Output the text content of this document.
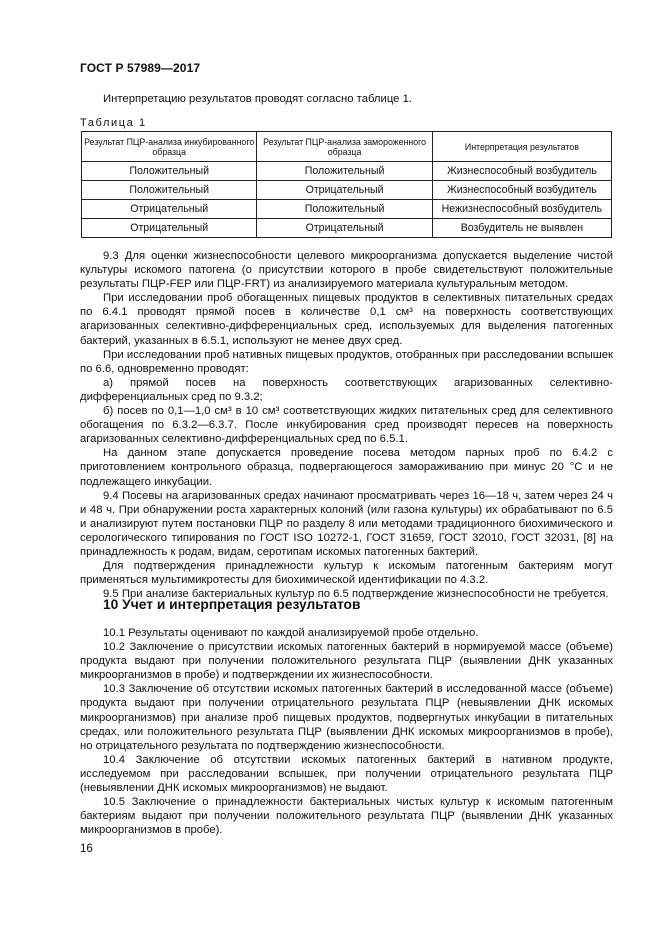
ГОСТ Р 57989—2017
Интерпретацию результатов проводят согласно таблице 1.
Таблица 1
Результат ПЦР-анализа инкубированного образца	Результат ПЦР-анализа замороженного образца	Интерпретация результатов
Положительный	Положительный	Жизнеспособный возбудитель
Положительный	Отрицательный	Жизнеспособный возбудитель
Отрицательный	Положительный	Нежизнеспособный возбудитель
Отрицательный	Отрицательный	Возбудитель не выявлен

9.3 Для оценки жизнеспособности целевого микроорганизма допускается выделение чистой культуры искомого патогена (о присутствии которого в пробе свидетельствуют положительные результаты ПЦР-FEP или ПЦР-FRT) из анализируемого материала культуральным методом.

При исследовании проб обогащенных пищевых продуктов в селективных питательных средах по 6.4.1 проводят прямой посев в количестве 0,1 см³ на поверхность соответствующих агаризованных селективно-дифференциальных сред, используемых для выделения патогенных бактерий, указанных в 6.5.1, используют не менее двух сред.

При исследовании проб нативных пищевых продуктов, отобранных при расследовании вспышек по 6.6, одновременно проводят:

а) прямой посев на поверхность соответствующих агаризованных селективно-дифференциальных сред по 9.3.2;

б) посев по 0,1—1,0 см³ в 10 см³ соответствующих жидких питательных сред для селективного обогащения по 6.3.2—6.3.7. После инкубирования сред производят пересев на поверхность агаризованных селективно-дифференциальных сред по 6.5.1.

На данном этапе допускается проведение посева методом парных проб по 6.4.2 с приготовлением контрольного образца, подвергающегося замораживанию при минус 20 °C и не подлежащего инкубации.

9.4 Посевы на агаризованных средах начинают просматривать через 16—18 ч, затем через 24 ч и 48 ч. При обнаружении роста характерных колоний (или газона культуры) их обрабатывают по 6.5 и анализируют путем постановки ПЦР по разделу 8 или методами традиционного биохимического и серологического типирования по ГОСТ ISO 10272-1, ГОСТ 31659, ГОСТ 32010, ГОСТ 32031, [8] на принадлежность к родам, видам, серотипам искомых патогенных бактерий.

Для подтверждения принадлежности культур к искомым патогенным бактериям могут применяться мультимикротесты для биохимической идентификации по 4.3.2.

9.5 При анализе бактериальных культур по 6.5 подтверждение жизнеспособности не требуется.

10 Учет и интерпретация результатов

10.1 Результаты оценивают по каждой анализируемой пробе отдельно.

10.2 Заключение о присутствии искомых патогенных бактерий в нормируемой массе (объеме) продукта выдают при получении положительного результата ПЦР (выявлении ДНК указанных микроорганизмов в пробе) и подтверждении их жизнеспособности.

10.3 Заключение об отсутствии искомых патогенных бактерий в исследованной массе (объеме) продукта выдают при получении отрицательного результата ПЦР (невыявлении ДНК искомых микроорганизмов) при анализе проб пищевых продуктов, подвергнутых инкубации в питательных средах, или положительного результата ПЦР (выявлении ДНК искомых микроорганизмов в пробе), но отрицательного результата по подтверждению жизнеспособности.

10.4 Заключение об отсутствии искомых патогенных бактерий в нативном продукте, исследуемом при расследовании вспышек, при получении отрицательного результата ПЦР (невыявлении ДНК искомых микроорганизмов) не выдают.

10.5 Заключение о принадлежности бактериальных чистых культур к искомым патогенным бактериям выдают при получении положительного результата ПЦР (выявлении ДНК указанных микроорганизмов в пробе).

16
